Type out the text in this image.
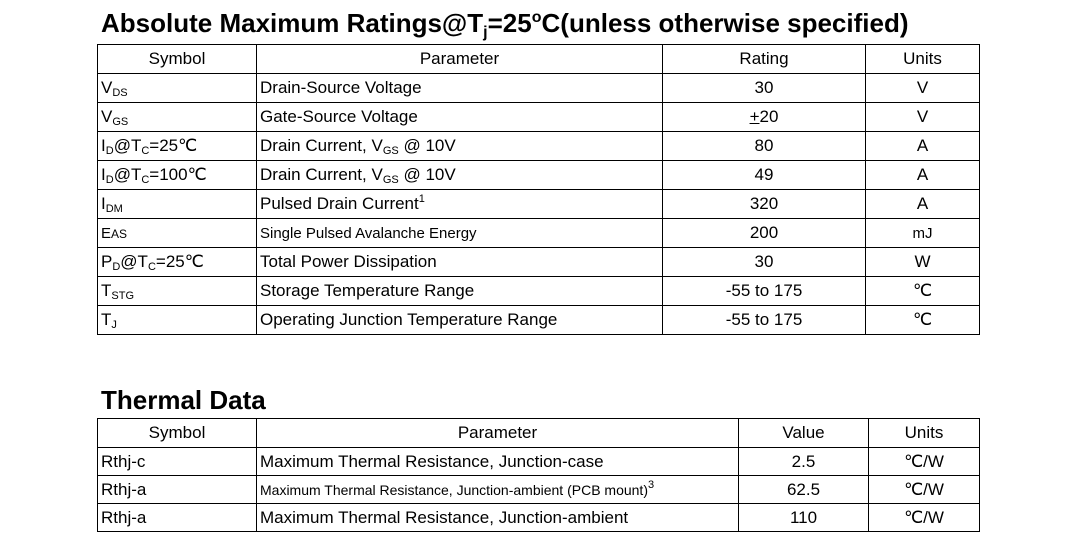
Absolute Maximum $Ratings@T_j=25^oC(unless$ otherwise specified)
Symbol	Parameter	Rating	Units
$V_{DS}$	Drain-Source Voltage	30	V
$V_{GS}$	Gate-Source Voltage	+20	V
$I_D@T_C=25℃$	Drain Current, $V_{GS}$ @ 10V	80	A
$I_D@T_C=100℃$	Drain Current, $V_{GS}$ @ 10V	49	A
$I_{DM}$	Pulsed Drain Current$^1$	320	A
EAS	Single Pulsed Avalanche Energy	200	mJ
$P_D@T_C=25℃$	Total Power Dissipation	30	W
$T_{STG}$	Storage Temperature Range	-55 to 175	℃
$T_J$	Operating Junction Temperature Range	-55 to 175	℃
Thermal Data
Symbol	Parameter	Value	Units
Rthj-c	Maximum Thermal Resistance, Junction-case	2.5	℃/W
Rthj-a	Maximum Thermal Resistance, Junction-ambient (PCB mount)$^3$	62.5	℃/W
Rthj-a	Maximum Thermal Resistance, Junction-ambient	110	℃/W
